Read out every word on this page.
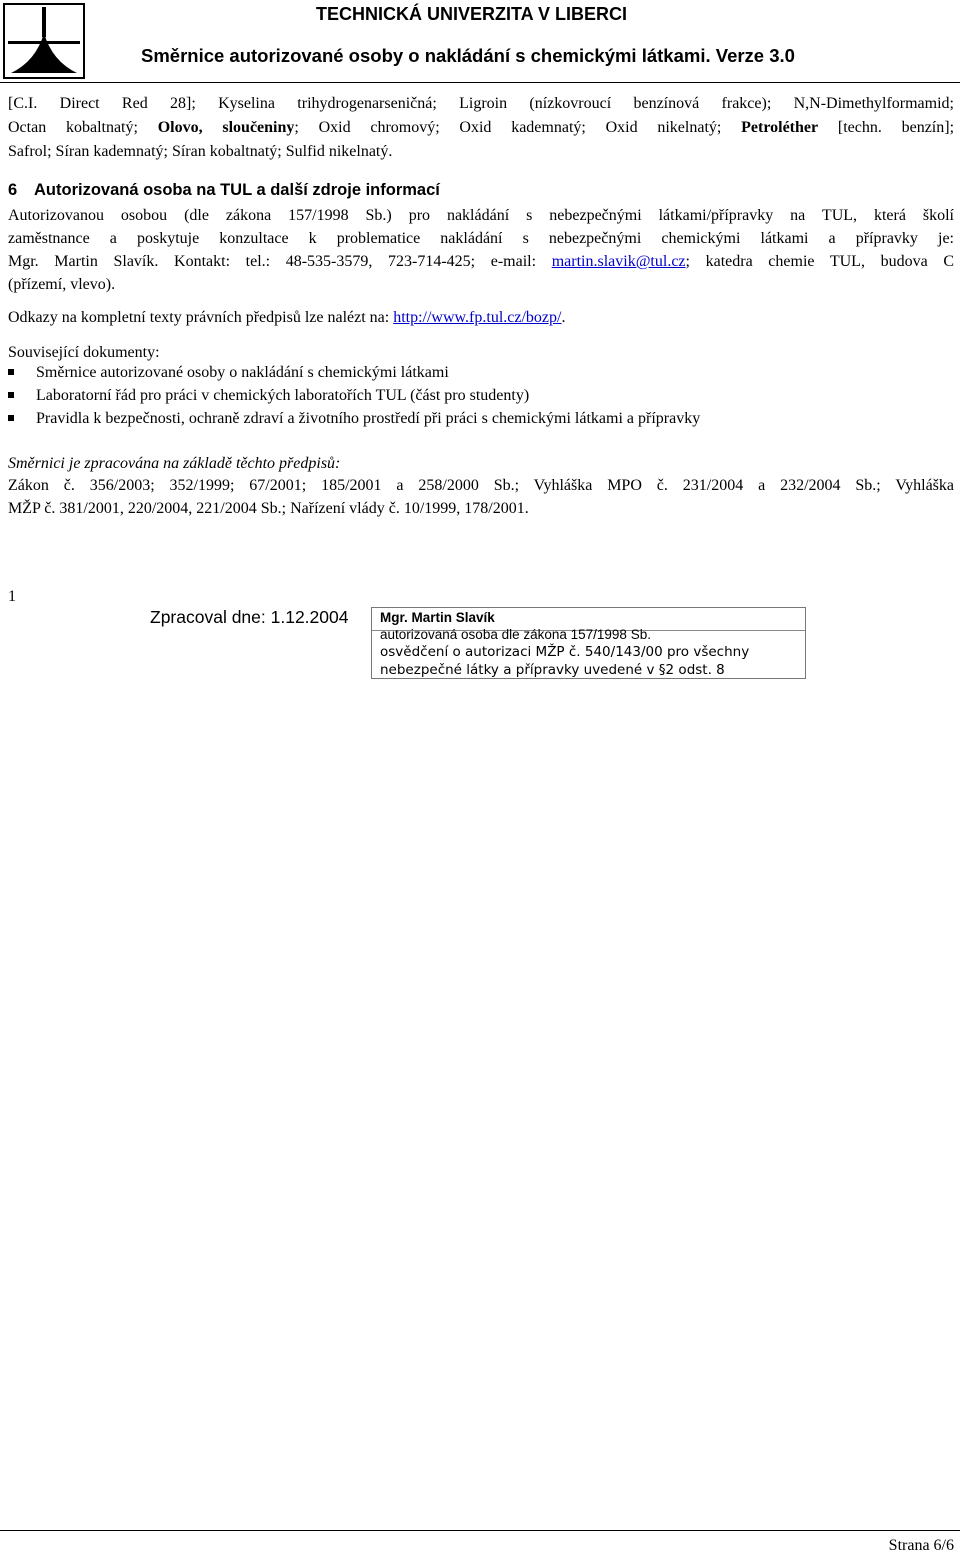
TECHNICKÁ UNIVERZITA V LIBERCI
Směrnice autorizované osoby o nakládání s chemickými látkami. Verze 3.0
[C.I. Direct Red 28]; Kyselina trihydrogenarseničná; Ligroin (nízkovroucí benzínová frakce); N,N-Dimethylformamid;
Octan kobaltnatý; Olovo, sloučeniny; Oxid chromový; Oxid kademnatý; Oxid nikelnatý; Petroléther [techn. benzín];
Safrol; Síran kademnatý; Síran kobaltnatý; Sulfid nikelnatý.
6 Autorizovaná osoba na TUL a další zdroje informací
Autorizovanou osobou (dle zákona 157/1998 Sb.) pro nakládání s nebezpečnými látkami/přípravky na TUL, která školí
zaměstnance a poskytuje konzultace k problematice nakládání s nebezpečnými chemickými látkami a přípravky je:
Mgr. Martin Slavík. Kontakt: tel.: 48-535-3579, 723-714-425; e-mail: martin.slavik@tul.cz; katedra chemie TUL, budova C
(přízemí, vlevo).
Odkazy na kompletní texty právních předpisů lze nalézt na: http://www.fp.tul.cz/bozp/.
Související dokumenty:
Směrnice autorizované osoby o nakládání s chemickými látkami
Laboratorní řád pro práci v chemických laboratořích TUL (část pro studenty)
Pravidla k bezpečnosti, ochraně zdraví a životního prostředí při práci s chemickými látkami a přípravky
Směrnici je zpracována na základě těchto předpisů:
Zákon č. 356/2003; 352/1999; 67/2001; 185/2001 a 258/2000 Sb.; Vyhláška MPO č. 231/2004 a 232/2004 Sb.; Vyhláška
MŽP č. 381/2001, 220/2004, 221/2004 Sb.; Nařízení vlády č. 10/1999, 178/2001.
1
Zpracoval dne: 1.12.2004 Mgr. Martin Slavík
autorizovaná osoba dle zákona 157/1998 Sb.
osvědčení o autorizaci MŽP č. 540/143/00 pro všechny
nebezpečné látky a přípravky uvedené v §2 odst. 8
Strana 6/6
